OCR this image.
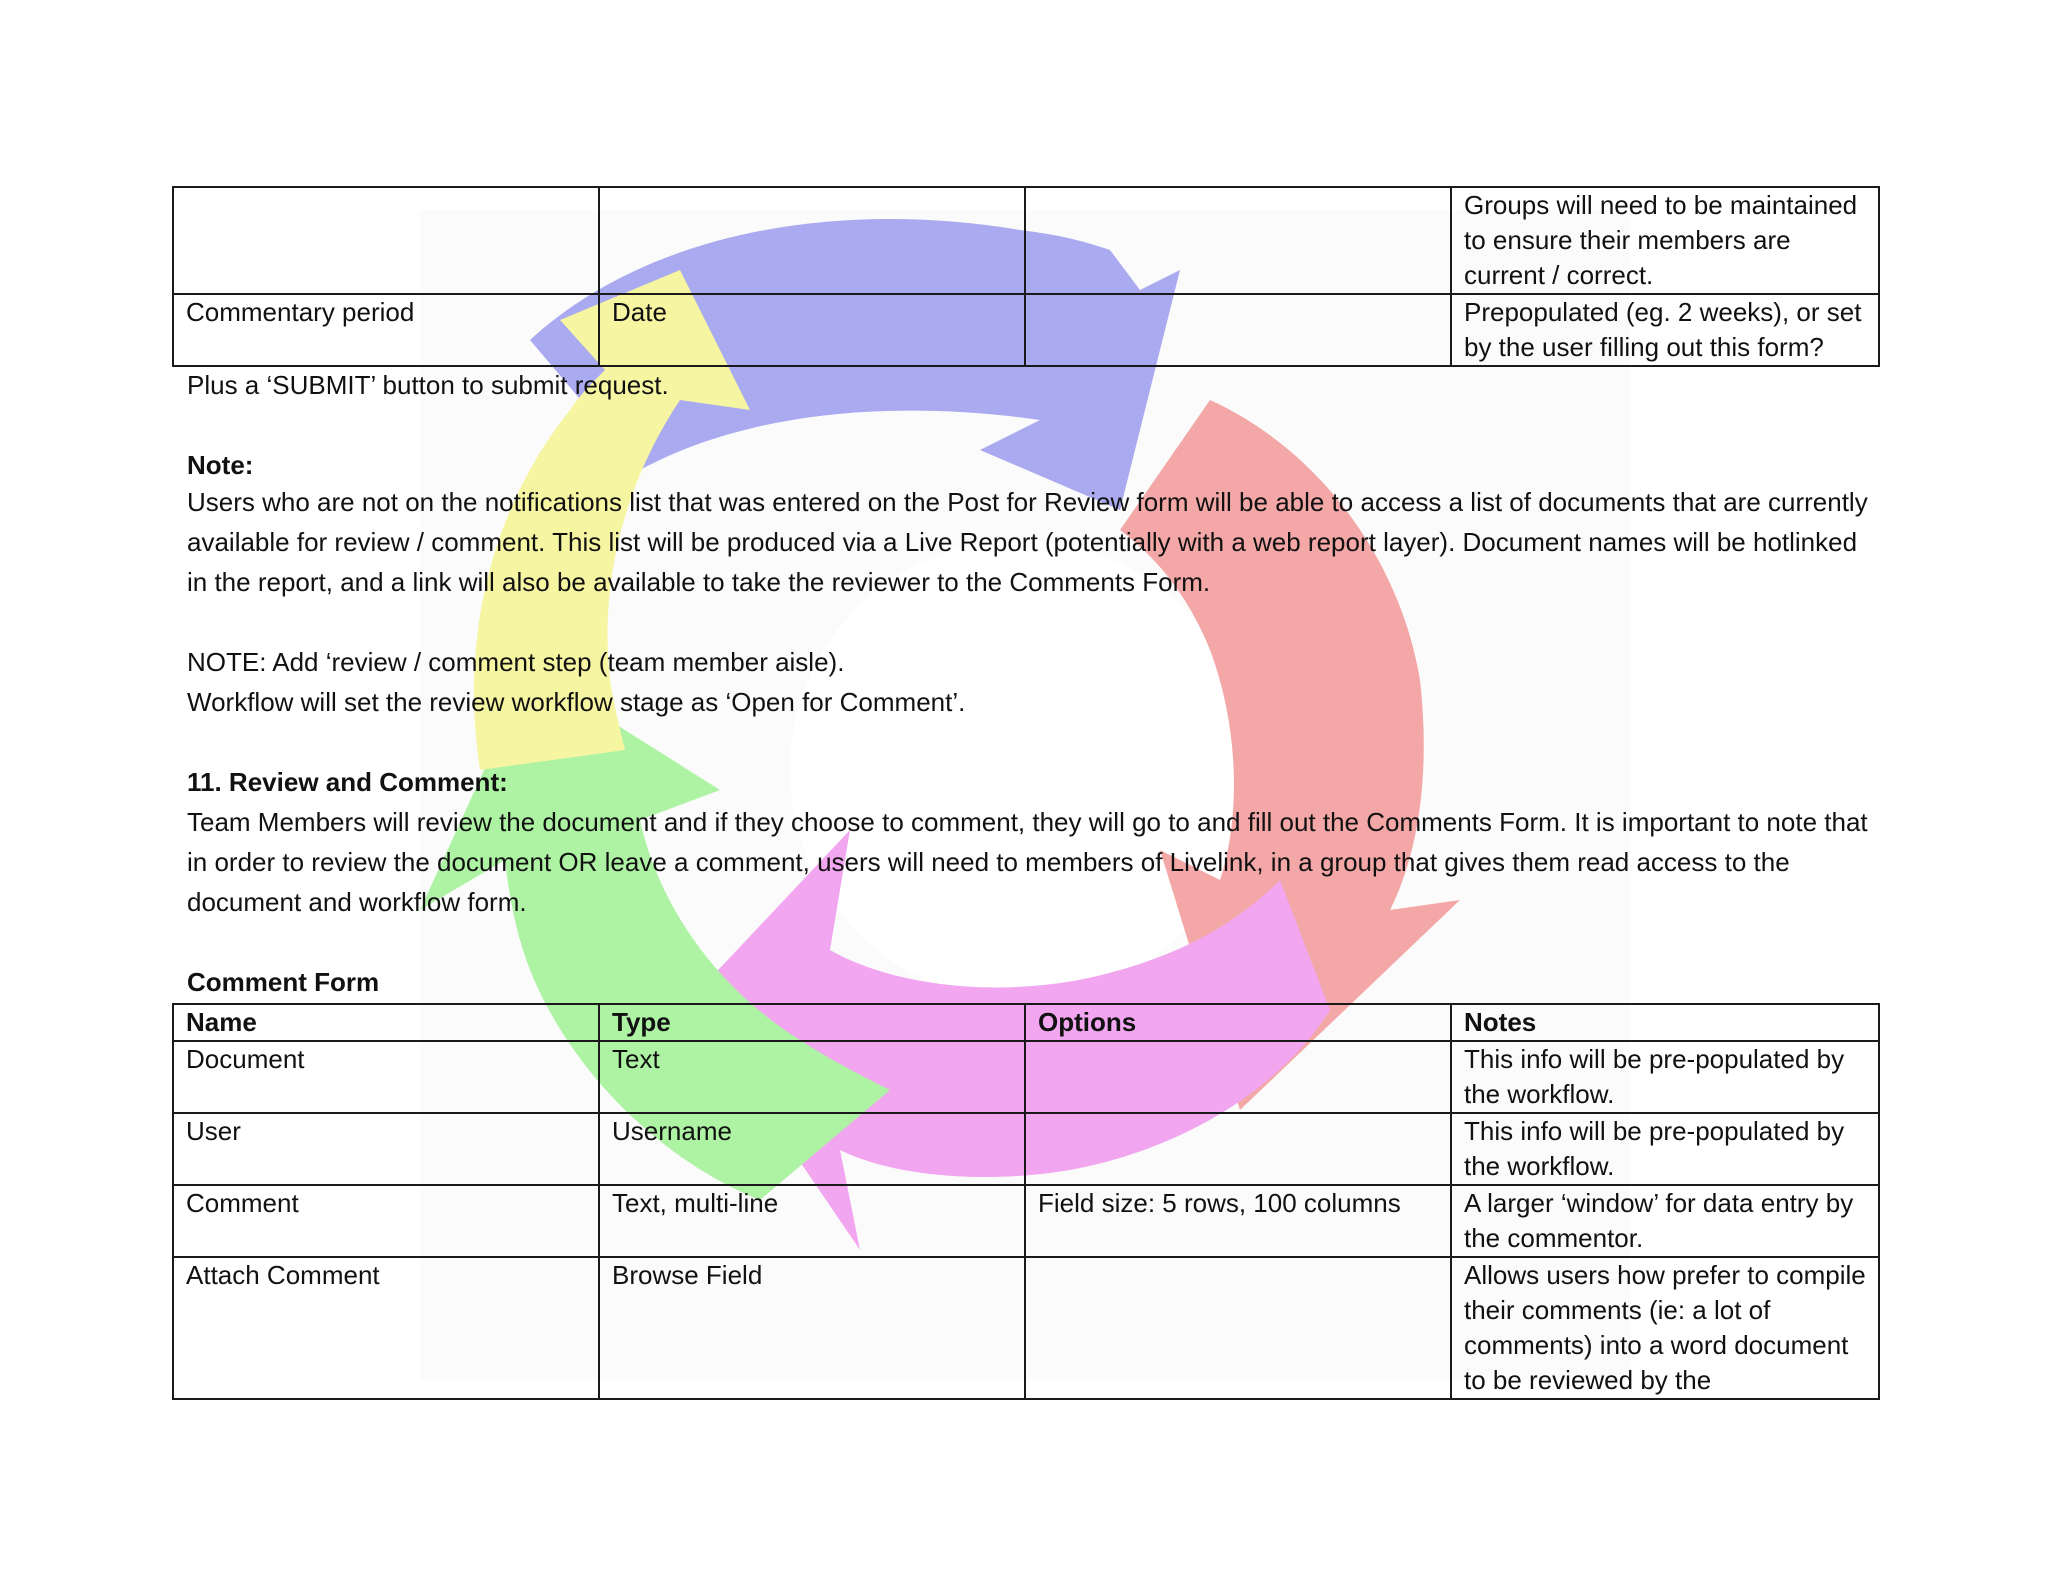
			Groups will need to be maintained to ensure their members are current / correct.
Commentary period	Date		Prepopulated (eg. 2 weeks), or set by the user filling out this form?

Plus a ‘SUBMIT’ button to submit request.

Note:

Users who are not on the notifications list that was entered on the Post for Review form will be able to access a list of documents that are currently available for review / comment. This list will be produced via a Live Report (potentially with a web report layer). Document names will be hotlinked in the report, and a link will also be available to take the reviewer to the Comments Form.

NOTE: Add ‘review / comment step (team member aisle).

Workflow will set the review workflow stage as ‘Open for Comment’.

11. Review and Comment:

Team Members will review the document and if they choose to comment, they will go to and fill out the Comments Form. It is important to note that in order to review the document OR leave a comment, users will need to members of Livelink, in a group that gives them read access to the document and workflow form.

Comment Form

Name	Type	Options	Notes
Document	Text		This info will be pre-populated by the workflow.
User	Username		This info will be pre-populated by the workflow.
Comment	Text, multi-line	Field size: 5 rows, 100 columns	A larger ‘window’ for data entry by the commentor.
Attach Comment	Browse Field		Allows users how prefer to compile their comments (ie: a lot of comments) into a word document to be reviewed by the
